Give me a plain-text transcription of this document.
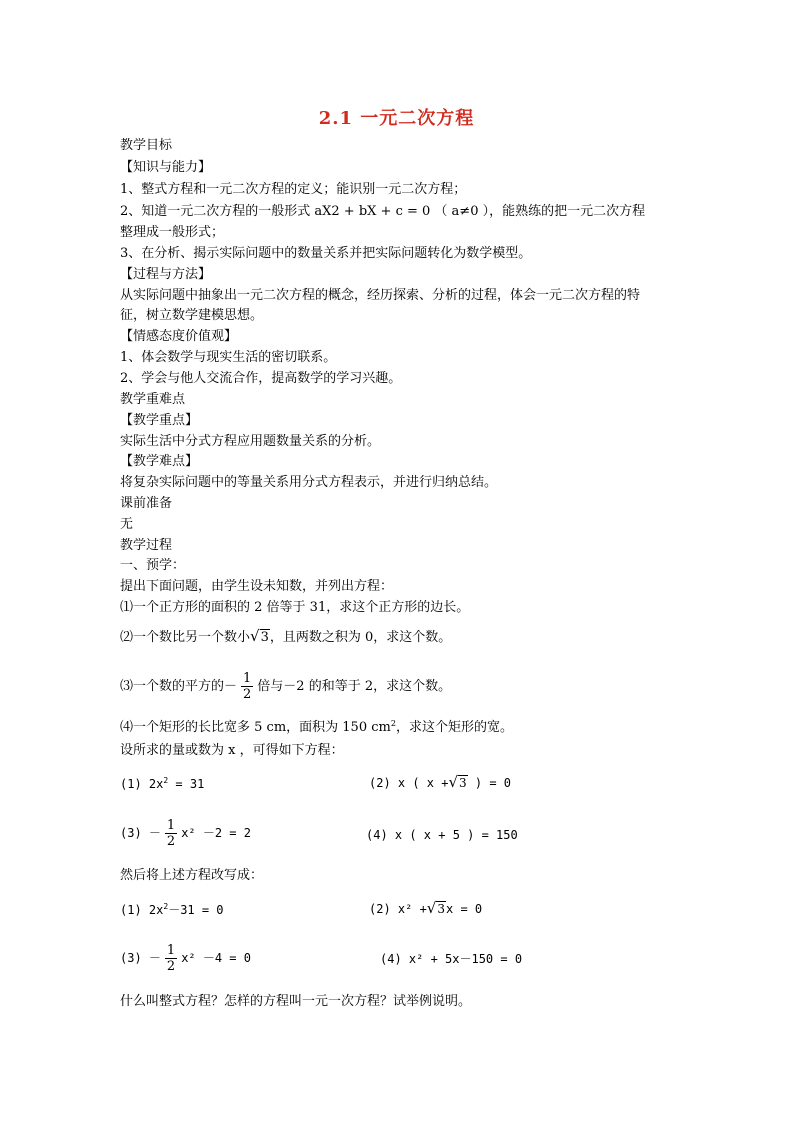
2.1 一元二次方程
教学目标
【知识与能力】
1、整式方程和一元二次方程的定义；能识别一元二次方程；
2、知道一元二次方程的一般形式 aX2 + bX + c = 0 （ a≠0 ），能熟练的把一元二次方程
整理成一般形式；
3、在分析、揭示实际问题中的数量关系并把实际问题转化为数学模型。
【过程与方法】
从实际问题中抽象出一元二次方程的概念，经历探索、分析的过程，体会一元二次方程的特
征，树立数学建模思想。
【情感态度价值观】
1、体会数学与现实生活的密切联系。
2、学会与他人交流合作，提高数学的学习兴趣。
教学重难点
【教学重点】
实际生活中分式方程应用题数量关系的分析。
【教学难点】
将复杂实际问题中的等量关系用分式方程表示，并进行归纳总结。
课前准备
无
教学过程
一、预学：
提出下面问题，由学生设未知数，并列出方程：
⑴一个正方形的面积的 2 倍等于 31，求这个正方形的边长。
⑵一个数比另一个数小√3，且两数之积为 0，求这个数。
⑶一个数的平方的－ $\frac{1}{2}$ 倍与－2 的和等于 2，求这个数。
⑷一个矩形的长比宽多 5 cm，面积为 150 $cm^2$，求这个矩形的宽。
设所求的量或数为 x ，可得如下方程：
(1) $2x^2 = 31$	(2) x ( x +√3 ) = 0
$(3) - \frac{1}{2} x^2 -2 = 2$	(4) x ( x + 5 ) = 150
然后将上述方程改写成：
(1) $2x^2-31 = 0$	(2) x² +√3x = 0
$(3) - \frac{1}{2} x^2 -4 = 0$	(4) x² + 5x－150 = 0
什么叫整式方程？怎样的方程叫一元一次方程？试举例说明。
